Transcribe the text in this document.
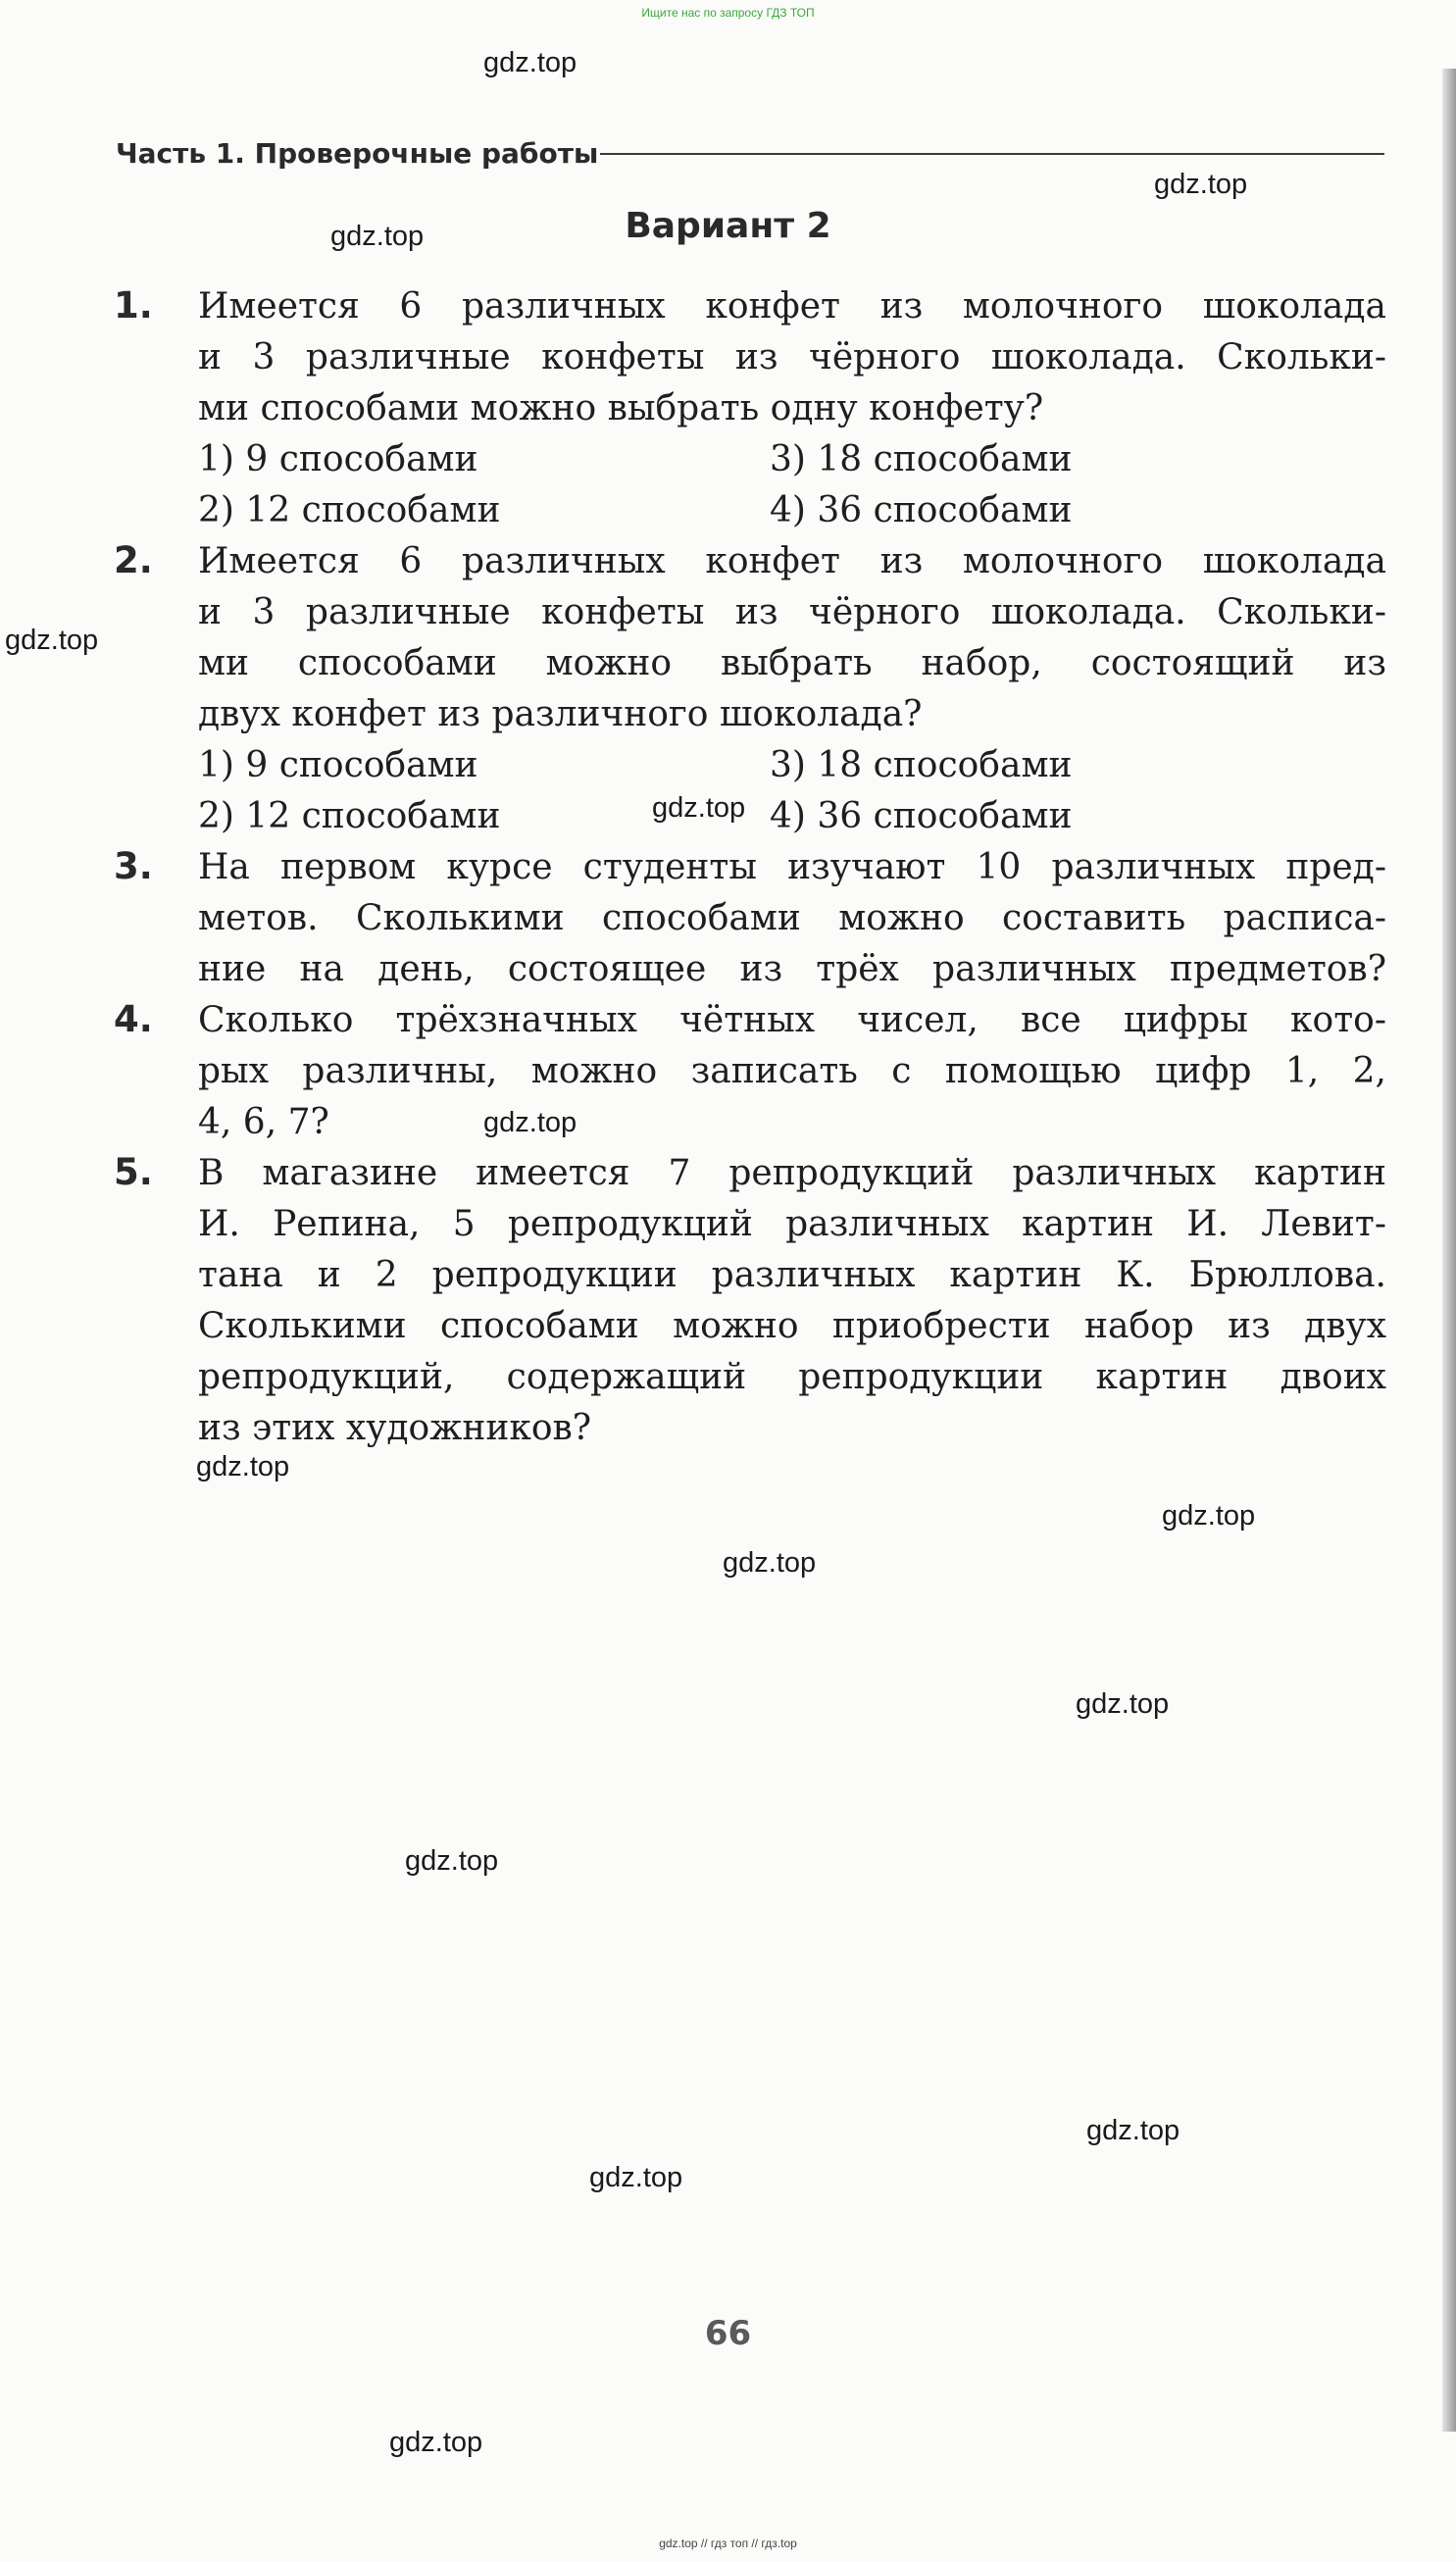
Ищите нас по запросу ГДЗ ТОП
Часть 1. Проверочные работы
Вариант 2
1. Имеется 6 различных конфет из молочного шоколада
и 3 различные конфеты из чёрного шоколада. Скольки-
ми способами можно выбрать одну конфету?
1) 9 способами
2) 12 способами
3) 18 способами
4) 36 способами
2. Имеется 6 различных конфет из молочного шоколада
и 3 различные конфеты из чёрного шоколада. Скольки-
ми способами можно выбрать набор, состоящий из
двух конфет из различного шоколада?
1) 9 способами
2) 12 способами
3) 18 способами
4) 36 способами
3. На первом курсе студенты изучают 10 различных пред-
метов. Сколькими способами можно составить расписа-
ние на день, состоящее из трёх различных предметов?
4. Сколько трёхзначных чётных чисел, все цифры кото-
рых различны, можно записать с помощью цифр 1, 2,
4, 6, 7?
5. В магазине имеется 7 репродукций различных картин
И. Репина, 5 репродукций различных картин И. Левит-
тана и 2 репродукции различных картин К. Брюллова.
Сколькими способами можно приобрести набор из двух
репродукций, содержащий репродукции картин двоих
из этих художников?
gdz.top
gdz.top
gdz.top
gdz.top
gdz.top
gdz.top
gdz.top
gdz.top
gdz.top
gdz.top
gdz.top
gdz.top
gdz.top
gdz.top
66
gdz.top // гдз топ // гдз.top
